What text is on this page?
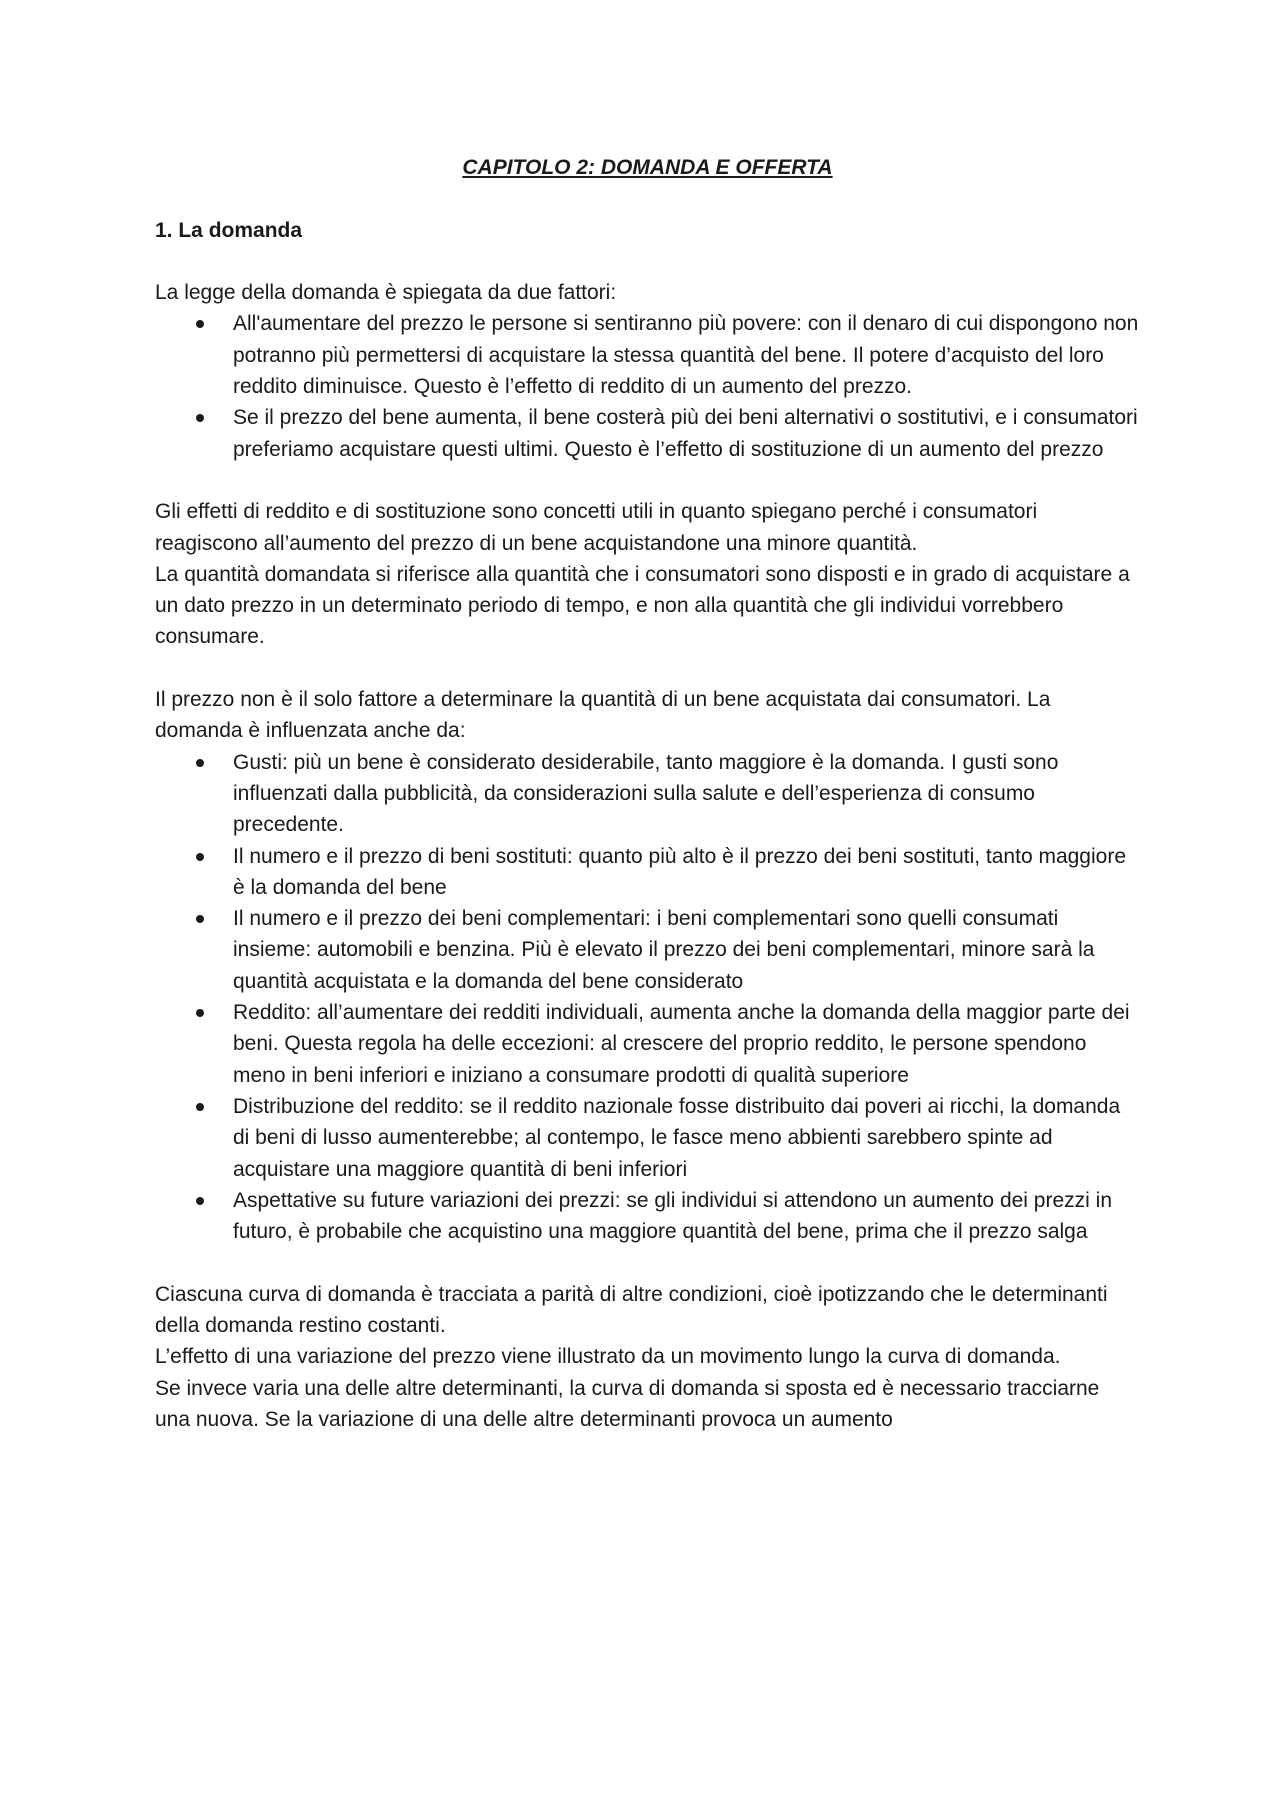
CAPITOLO 2: DOMANDA E OFFERTA
1. La domanda

La legge della domanda è spiegata da due fattori:

All'aumentare del prezzo le persone si sentiranno più povere: con il denaro di cui dispongono non potranno più permettersi di acquistare la stessa quantità del bene. Il potere d’acquisto del loro reddito diminuisce. Questo è l’effetto di reddito di un aumento del prezzo.
Se il prezzo del bene aumenta, il bene costerà più dei beni alternativi o sostitutivi, e i consumatori preferiamo acquistare questi ultimi. Questo è l’effetto di sostituzione di un aumento del prezzo

Gli effetti di reddito e di sostituzione sono concetti utili in quanto spiegano perché i consumatori reagiscono all’aumento del prezzo di un bene acquistandone una minore quantità.

La quantità domandata si riferisce alla quantità che i consumatori sono disposti e in grado di acquistare a un dato prezzo in un determinato periodo di tempo, e non alla quantità che gli individui vorrebbero consumare.

Il prezzo non è il solo fattore a determinare la quantità di un bene acquistata dai consumatori. La domanda è influenzata anche da:

Gusti: più un bene è considerato desiderabile, tanto maggiore è la domanda. I gusti sono influenzati dalla pubblicità, da considerazioni sulla salute e dell’esperienza di consumo precedente.
Il numero e il prezzo di beni sostituti: quanto più alto è il prezzo dei beni sostituti, tanto maggiore è la domanda del bene
Il numero e il prezzo dei beni complementari: i beni complementari sono quelli consumati insieme: automobili e benzina. Più è elevato il prezzo dei beni complementari, minore sarà la quantità acquistata e la domanda del bene considerato
Reddito: all’aumentare dei redditi individuali, aumenta anche la domanda della maggior parte dei beni. Questa regola ha delle eccezioni: al crescere del proprio reddito, le persone spendono meno in beni inferiori e iniziano a consumare prodotti di qualità superiore
Distribuzione del reddito: se il reddito nazionale fosse distribuito dai poveri ai ricchi, la domanda di beni di lusso aumenterebbe; al contempo, le fasce meno abbienti sarebbero spinte ad acquistare una maggiore quantità di beni inferiori
Aspettative su future variazioni dei prezzi: se gli individui si attendono un aumento dei prezzi in futuro, è probabile che acquistino una maggiore quantità del bene, prima che il prezzo salga

Ciascuna curva di domanda è tracciata a parità di altre condizioni, cioè ipotizzando che le determinanti della domanda restino costanti.

L’effetto di una variazione del prezzo viene illustrato da un movimento lungo la curva di domanda.

Se invece varia una delle altre determinanti, la curva di domanda si sposta ed è necessario tracciarne una nuova. Se la variazione di una delle altre determinanti provoca un aumento
